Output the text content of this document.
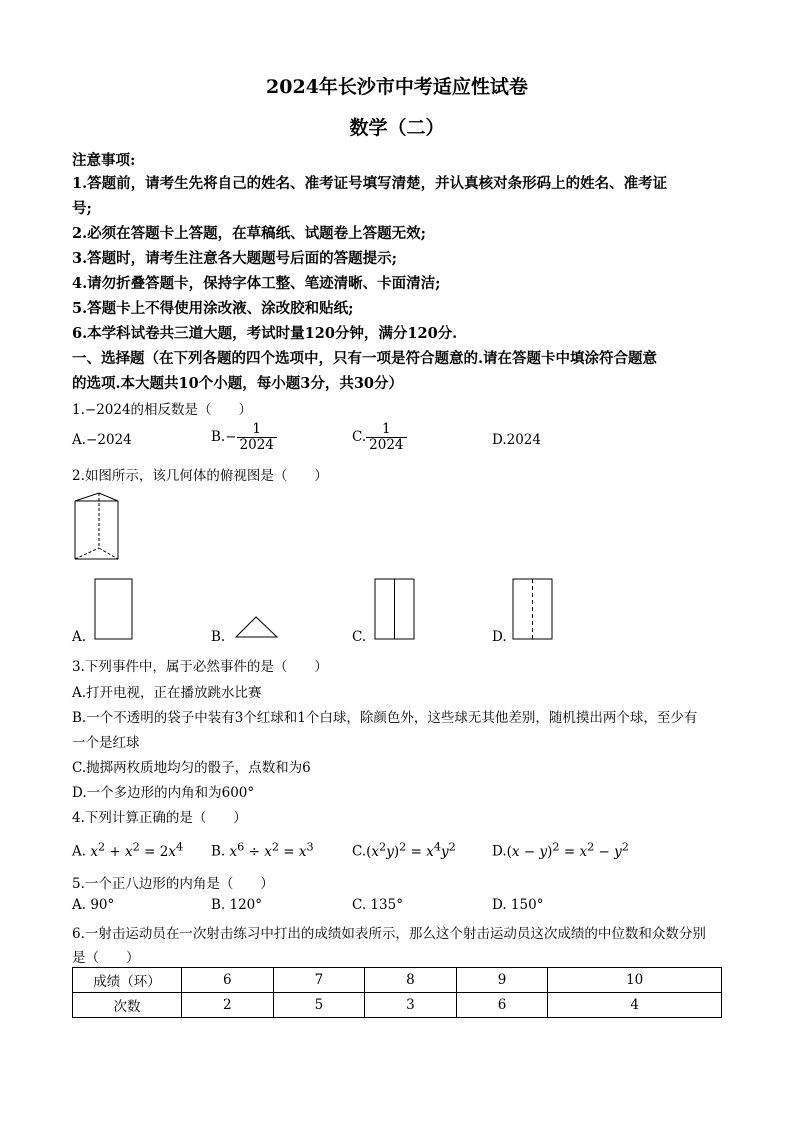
2024年长沙市中考适应性试卷
数学（二）
注意事项:
1.答题前，请考生先将自己的姓名、准考证号填写清楚，并认真核对条形码上的姓名、准考证
号;
2.必须在答题卡上答题，在草稿纸、试题卷上答题无效;
3.答题时，请考生注意各大题题号后面的答题提示;
4.请勿折叠答题卡，保持字体工整、笔迹清晰、卡面清洁;
5.答题卡上不得使用涂改液、涂改胶和贴纸;
6.本学科试卷共三道大题，考试时量120分钟，满分120分.
一、选择题（在下列各题的四个选项中，只有一项是符合题意的.请在答题卡中填涂符合题意
的选项.本大题共10个小题，每小题3分，共30分）
1.−2024的相反数是（　　）
A.−2024	$B.- \frac{1}{2024}$	C. $\frac{1}{2024}$	D.2024
2.如图所示，该几何体的俯视图是（　　）
A.	B.	C.	D.
3.下列事件中，属于必然事件的是（　　）
A.打开电视，正在播放跳水比赛
B.一个不透明的袋子中装有3个红球和1个白球，除颜色外，这些球无其他差别，随机摸出两个球，至少有
一个是红球
C.抛掷两枚质地均匀的骰子，点数和为6
D.一个多边形的内角和为600°
4.下列计算正确的是（　　）
A. $x^2 + x^2 = 2x^4$ B. $x^6 \div x^2 = x^3$	$C.(x^2y)^2 = x^4y^2$	$D.(x - y)^2 = x^2 - y^2$
5.一个正八边形的内角是（　　）
A. 90°	B. 120°	C. 135°	D. 150°
6.一射击运动员在一次射击练习中打出的成绩如表所示，那么这个射击运动员这次成绩的中位数和众数分别
是（　　）
成绩（环）	6	7	8	9	10
次数	2	5	3	6	4
